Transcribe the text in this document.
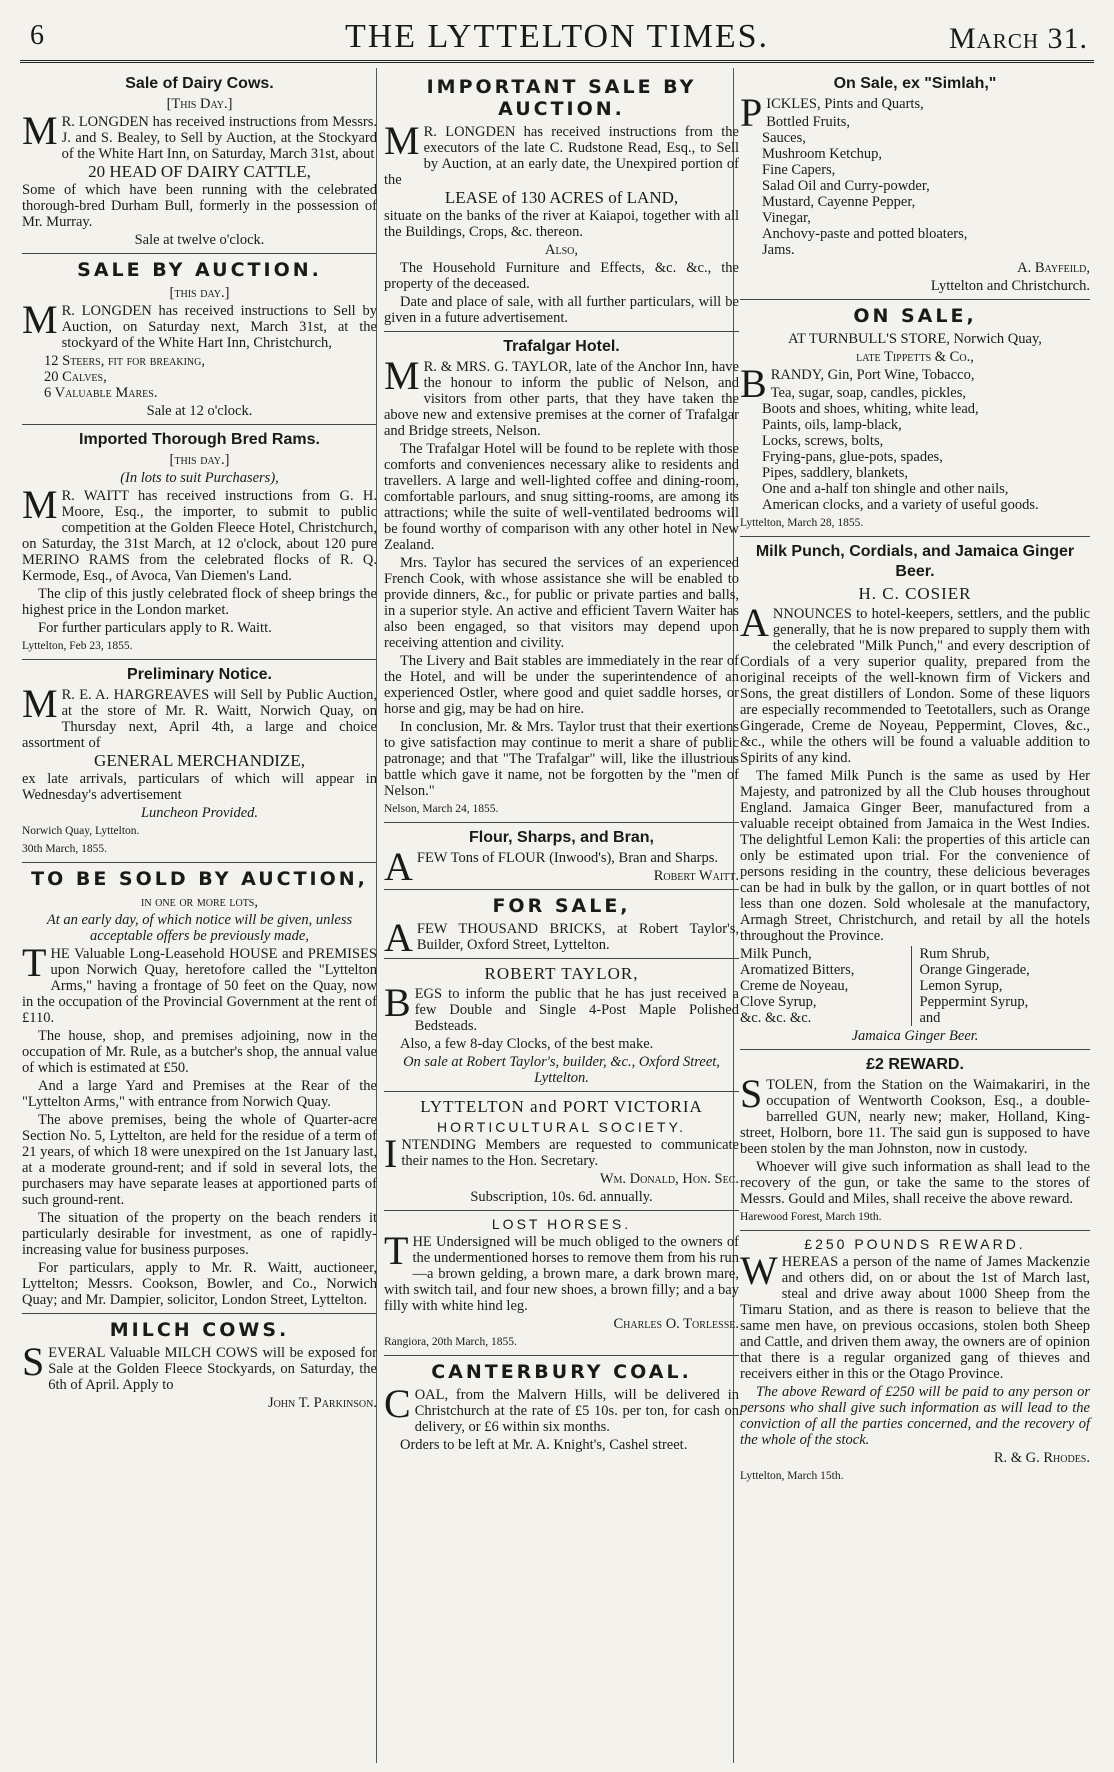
6	THE LYTTELTON TIMES.	March 31.
Sale of Dairy Cows.

[This Day.]

M R. LONGDEN has received instructions from Messrs. J. and S. Bealey, to Sell by Auction, at the Stockyard of the White Hart Inn, on Saturday, March 31st, about

20 HEAD OF DAIRY CATTLE,

Some of which have been running with the celebrated thorough-bred Durham Bull, formerly in the possession of Mr. Murray.

Sale at twelve o'clock.

SALE BY AUCTION.

[this day.]

M R. LONGDEN has received instructions to Sell by Auction, on Saturday next, March 31st, at the stockyard of the White Hart Inn, Christchurch,

12 Steers, fit for breaking,
20 Calves,
6 Valuable Mares.

Sale at 12 o'clock.

Imported Thorough Bred Rams.

[this day.]

(In lots to suit Purchasers),

M R. WAITT has received instructions from G. H. Moore, Esq., the importer, to submit to public competition at the Golden Fleece Hotel, Christchurch, on Saturday, the 31st March, at 12 o'clock, about 120 pure MERINO RAMS from the celebrated flocks of R. Q. Kermode, Esq., of Avoca, Van Diemen's Land.

The clip of this justly celebrated flock of sheep brings the highest price in the London market.

For further particulars apply to R. Waitt.

Lyttelton, Feb 23, 1855.

Preliminary Notice.

M R. E. A. HARGREAVES will Sell by Public Auction, at the store of Mr. R. Waitt, Norwich Quay, on Thursday next, April 4th, a large and choice assortment of

GENERAL MERCHANDIZE,

ex late arrivals, particulars of which will appear in Wednesday's advertisement

Luncheon Provided.

Norwich Quay, Lyttelton.

30th March, 1855.

TO BE SOLD BY AUCTION,

in one or more lots,

At an early day, of which notice will be given, unless acceptable offers be previously made,

THE Valuable Long-Leasehold HOUSE and PREMISES upon Norwich Quay, heretofore called the "Lyttelton Arms," having a frontage of 50 feet on the Quay, now in the occupation of the Provincial Government at the rent of £110.

The house, shop, and premises adjoining, now in the occupation of Mr. Rule, as a butcher's shop, the annual value of which is estimated at £50.

And a large Yard and Premises at the Rear of the "Lyttelton Arms," with entrance from Norwich Quay.

The above premises, being the whole of Quarter-acre Section No. 5, Lyttelton, are held for the residue of a term of 21 years, of which 18 were unexpired on the 1st January last, at a moderate ground-rent; and if sold in several lots, the purchasers may have separate leases at apportioned parts of such ground-rent.

The situation of the property on the beach renders it particularly desirable for investment, as one of rapidly-increasing value for business purposes.

For particulars, apply to Mr. R. Waitt, auctioneer, Lyttelton; Messrs. Cookson, Bowler, and Co., Norwich Quay; and Mr. Dampier, solicitor, London Street, Lyttelton.

MILCH COWS.

SEVERAL Valuable MILCH COWS will be exposed for Sale at the Golden Fleece Stockyards, on Saturday, the 6th of April. Apply to

John T. Parkinson.

IMPORTANT SALE BY AUCTION.

M R. LONGDEN has received instructions from the executors of the late C. Rudstone Read, Esq., to Sell by Auction, at an early date, the Unexpired portion of the

LEASE of 130 ACRES of LAND,

situate on the banks of the river at Kaiapoi, together with all the Buildings, Crops, &c. thereon.

Also,

The Household Furniture and Effects, &c. &c., the property of the deceased.

Date and place of sale, with all further particulars, will be given in a future advertisement.

Trafalgar Hotel.

M R. & MRS. G. TAYLOR, late of the Anchor Inn, have the honour to inform the public of Nelson, and visitors from other parts, that they have taken the above new and extensive premises at the corner of Trafalgar and Bridge streets, Nelson.

The Trafalgar Hotel will be found to be replete with those comforts and conveniences necessary alike to residents and travellers. A large and well-lighted coffee and dining-room, comfortable parlours, and snug sitting-rooms, are among its attractions; while the suite of well-ventilated bedrooms will be found worthy of comparison with any other hotel in New Zealand.

Mrs. Taylor has secured the services of an experienced French Cook, with whose assistance she will be enabled to provide dinners, &c., for public or private parties and balls, in a superior style. An active and efficient Tavern Waiter has also been engaged, so that visitors may depend upon receiving attention and civility.

The Livery and Bait stables are immediately in the rear of the Hotel, and will be under the superintendence of an experienced Ostler, where good and quiet saddle horses, or horse and gig, may be had on hire.

In conclusion, Mr. & Mrs. Taylor trust that their exertions to give satisfaction may continue to merit a share of public patronage; and that "The Trafalgar" will, like the illustrious battle which gave it name, not be forgotten by the "men of Nelson."

Nelson, March 24, 1855.

Flour, Sharps, and Bran,

AFEW Tons of FLOUR (Inwood's), Bran and Sharps.

Robert Waitt.

FOR SALE,

AFEW THOUSAND BRICKS, at Robert Taylor's, Builder, Oxford Street, Lyttelton.

ROBERT TAYLOR,

BEGS to inform the public that he has just received a few Double and Single 4-Post Maple Polished Bedsteads.

Also, a few 8-day Clocks, of the best make.

On sale at Robert Taylor's, builder, &c., Oxford Street, Lyttelton.

LYTTELTON and PORT VICTORIA
HORTICULTURAL SOCIETY.

INTENDING Members are requested to communicate their names to the Hon. Secretary.

Wm. Donald, Hon. Sec.

Subscription, 10s. 6d. annually.

LOST HORSES.

THE Undersigned will be much obliged to the owners of the undermentioned horses to remove them from his run—a brown gelding, a brown mare, a dark brown mare, with switch tail, and four new shoes, a brown filly; and a bay filly with white hind leg.

Charles O. Torlesse.

Rangiora, 20th March, 1855.

CANTERBURY COAL.

COAL, from the Malvern Hills, will be delivered in Christchurch at the rate of £5 10s. per ton, for cash on delivery, or £6 within six months.

Orders to be left at Mr. A. Knight's, Cashel street.

On Sale, ex "Simlah,"

PICKLES, Pints and Quarts,

Bottled Fruits,
Sauces,
Mushroom Ketchup,
Fine Capers,
Salad Oil and Curry-powder,
Mustard, Cayenne Pepper,
Vinegar,
Anchovy-paste and potted bloaters,
Jams.

A. Bayfeild,

Lyttelton and Christchurch.

ON SALE,

AT TURNBULL'S STORE, Norwich Quay,

late Tippetts & Co.,

BRANDY, Gin, Port Wine, Tobacco,

Tea, sugar, soap, candles, pickles,
Boots and shoes, whiting, white lead,
Paints, oils, lamp-black,
Locks, screws, bolts,
Frying-pans, glue-pots, spades,
Pipes, saddlery, blankets,
One and a-half ton shingle and other nails,
American clocks, and a variety of useful goods.

Lyttelton, March 28, 1855.

Milk Punch, Cordials, and Jamaica Ginger Beer.
H. C. COSIER

ANNOUNCES to hotel-keepers, settlers, and the public generally, that he is now prepared to supply them with the celebrated "Milk Punch," and every description of Cordials of a very superior quality, prepared from the original receipts of the well-known firm of Vickers and Sons, the great distillers of London. Some of these liquors are especially recommended to Teetotallers, such as Orange Gingerade, Creme de Noyeau, Peppermint, Cloves, &c., &c., while the others will be found a valuable addition to Spirits of any kind.

The famed Milk Punch is the same as used by Her Majesty, and patronized by all the Club houses throughout England. Jamaica Ginger Beer, manufactured from a valuable receipt obtained from Jamaica in the West Indies. The delightful Lemon Kali: the properties of this article can only be estimated upon trial. For the convenience of persons residing in the country, these delicious beverages can be had in bulk by the gallon, or in quart bottles of not less than one dozen. Sold wholesale at the manufactory, Armagh Street, Christchurch, and retail by all the hotels throughout the Province.

Milk Punch,
Aromatized Bitters,
Creme de Noyeau,
Clove Syrup,
&c. &c. &c.
Rum Shrub,
Orange Gingerade,
Lemon Syrup,
Peppermint Syrup,
and

Jamaica Ginger Beer.

£2 REWARD.

STOLEN, from the Station on the Waimakariri, in the occupation of Wentworth Cookson, Esq., a double-barrelled GUN, nearly new; maker, Holland, King-street, Holborn, bore 11. The said gun is supposed to have been stolen by the man Johnston, now in custody.

Whoever will give such information as shall lead to the recovery of the gun, or take the same to the stores of Messrs. Gould and Miles, shall receive the above reward.

Harewood Forest, March 19th.

£250 POUNDS REWARD.

WHEREAS a person of the name of James Mackenzie and others did, on or about the 1st of March last, steal and drive away about 1000 Sheep from the Timaru Station, and as there is reason to believe that the same men have, on previous occasions, stolen both Sheep and Cattle, and driven them away, the owners are of opinion that there is a regular organized gang of thieves and receivers either in this or the Otago Province.

The above Reward of £250 will be paid to any person or persons who shall give such information as will lead to the conviction of all the parties concerned, and the recovery of the whole of the stock.

R. & G. Rhodes.

Lyttelton, March 15th.
